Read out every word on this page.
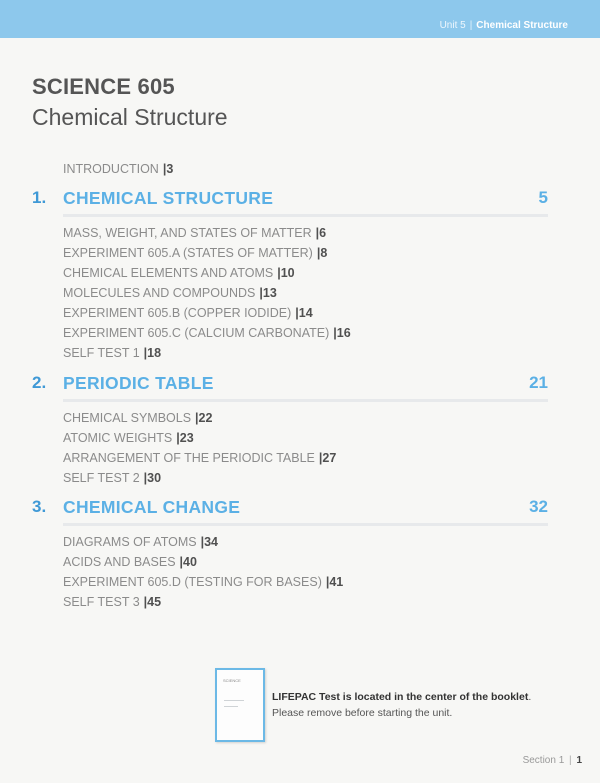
Unit 5 | Chemical Structure
SCIENCE 605
Chemical Structure
INTRODUCTION | 3
1. CHEMICAL STRUCTURE	5
MASS, WEIGHT, AND STATES OF MATTER | 6
EXPERIMENT 605.A (STATES OF MATTER) | 8
CHEMICAL ELEMENTS AND ATOMS | 10
MOLECULES AND COMPOUNDS | 13
EXPERIMENT 605.B (COPPER IODIDE) | 14
EXPERIMENT 605.C (CALCIUM CARBONATE) | 16
SELF TEST 1 | 18
2. PERIODIC TABLE	21
CHEMICAL SYMBOLS | 22
ATOMIC WEIGHTS | 23
ARRANGEMENT OF THE PERIODIC TABLE | 27
SELF TEST 2 | 30
3. CHEMICAL CHANGE	32
DIAGRAMS OF ATOMS | 34
ACIDS AND BASES | 40
EXPERIMENT 605.D (TESTING FOR BASES) | 41
SELF TEST 3 | 45
SCIENCE
LIFEPAC Test is located in the center of the booklet. Please remove before starting the unit.
Section 1 | 1
